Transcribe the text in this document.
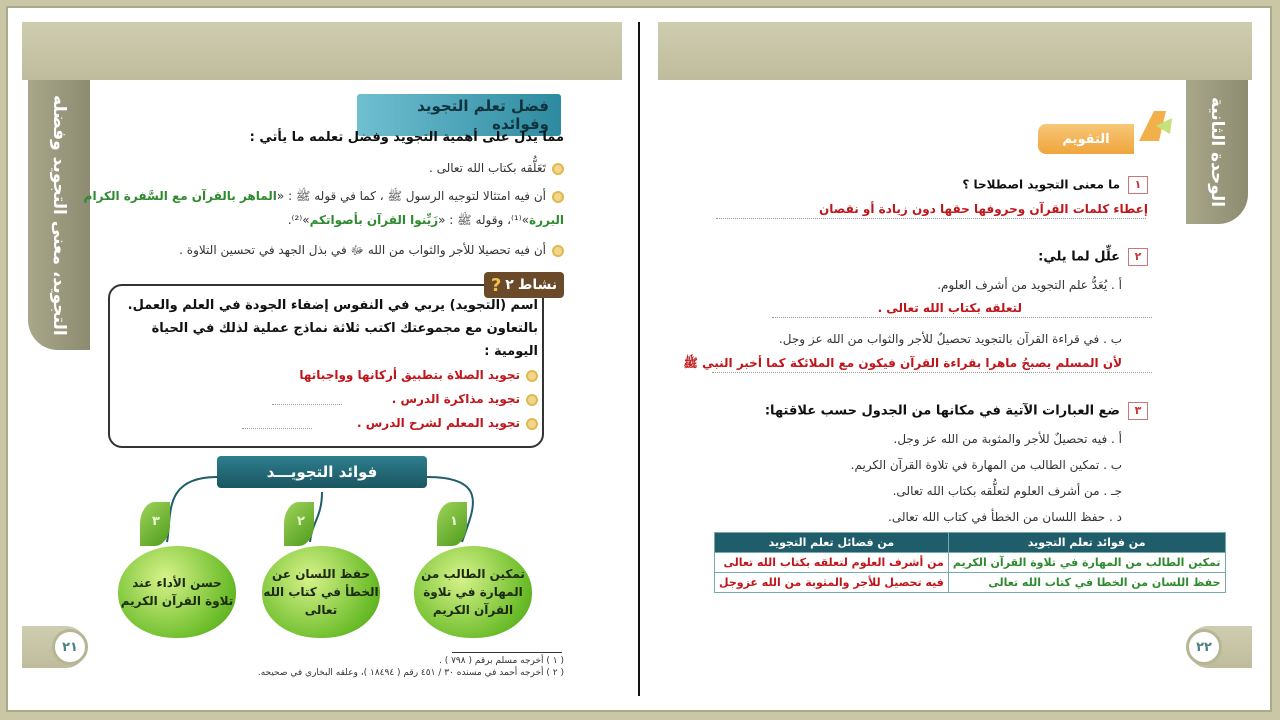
التجويد، معنى التجويد وفضله	فضل تعلم التجويد وفوائده
مما يدل على أهمية التجويد وفضل تعلمه ما يأتي :
تَعَلُّقه بكتاب الله تعالى .
أن فيه امتثالا لتوجيه الرسول ﷺ ، كما في قوله ﷺ : «الماهر بالقرآن مع السَّفرة الكرام
البررة»⁽¹⁾، وقوله ﷺ : «زَيِّنوا القرآن بأصواتكم»⁽²⁾.
أن فيه تحصيلا للأجر والثواب من الله ﷻ في بذل الجهد في تحسين التلاوة .
نشاط
٢
?
اسم (التجويد) يربي في النفوس إضفاء الجودة في العلم والعمل.
بالتعاون مع مجموعتك اكتب ثلاثة نماذج عملية لذلك في الحياة
اليومية :
تجويد الصلاة بتطبيق أركانها وواجباتها
تجويد مذاكرة الدرس .
تجويد المعلم لشرح الدرس .
فوائد التجويـــد
١
تمكين الطالب من المهارة في تلاوة القرآن الكريم
٢
حفظ اللسان عن الخطأ في كتاب الله تعالى
٣
حسن الأداء عند تلاوة القرآن الكريم
( ١ ) أخرجه مسلم برقم ( ٧٩٨ ) .
( ٢ ) أخرجه أحمد في مسنده ٣٠ / ٤٥١ رقم ( ١٨٤٩٤ )، وعلقه البخاري في صحيحه.
٢١
الوحدة الثانية
التقويم
١ما معنى التجويد اصطلاحا ؟
إعطاء كلمات القرآن وحروفها حقها دون زيادة أو نقصان
٢علِّل لما يلي:
أ . يُعَدُّ علم التجويد من أشرف العلوم.
لتعلقه بكتاب الله تعالى .
ب . في قراءة القرآن بالتجويد تحصيلٌ للأجر والثواب من الله عز وجل.
لأن المسلم يصبحُ ماهرا بقراءة القرآن فيكون مع الملائكة كما أخبر النبي ﷺ
٣ضع العبارات الآتية في مكانها من الجدول حسب علاقتها:
أ . فيه تحصيلٌ للأجر والمثوبة من الله عز وجل.
ب . تمكين الطالب من المهارة في تلاوة القرآن الكريم.
جـ . من أشرف العلوم لتعلُّقه بكتاب الله تعالى.
د . حفظ اللسان من الخطأ في كتاب الله تعالى.
من فوائد تعلم التجويد	من فضائل تعلم التجويد
تمكين الطالب من المهارة في تلاوة القرآن الكريم	من أشرف العلوم لتعلقه بكتاب الله تعالى
حفظ اللسان من الخطا في كتاب الله تعالى	فيه تحصيل للأجر والمثوبة من الله عزوجل
٢٢
